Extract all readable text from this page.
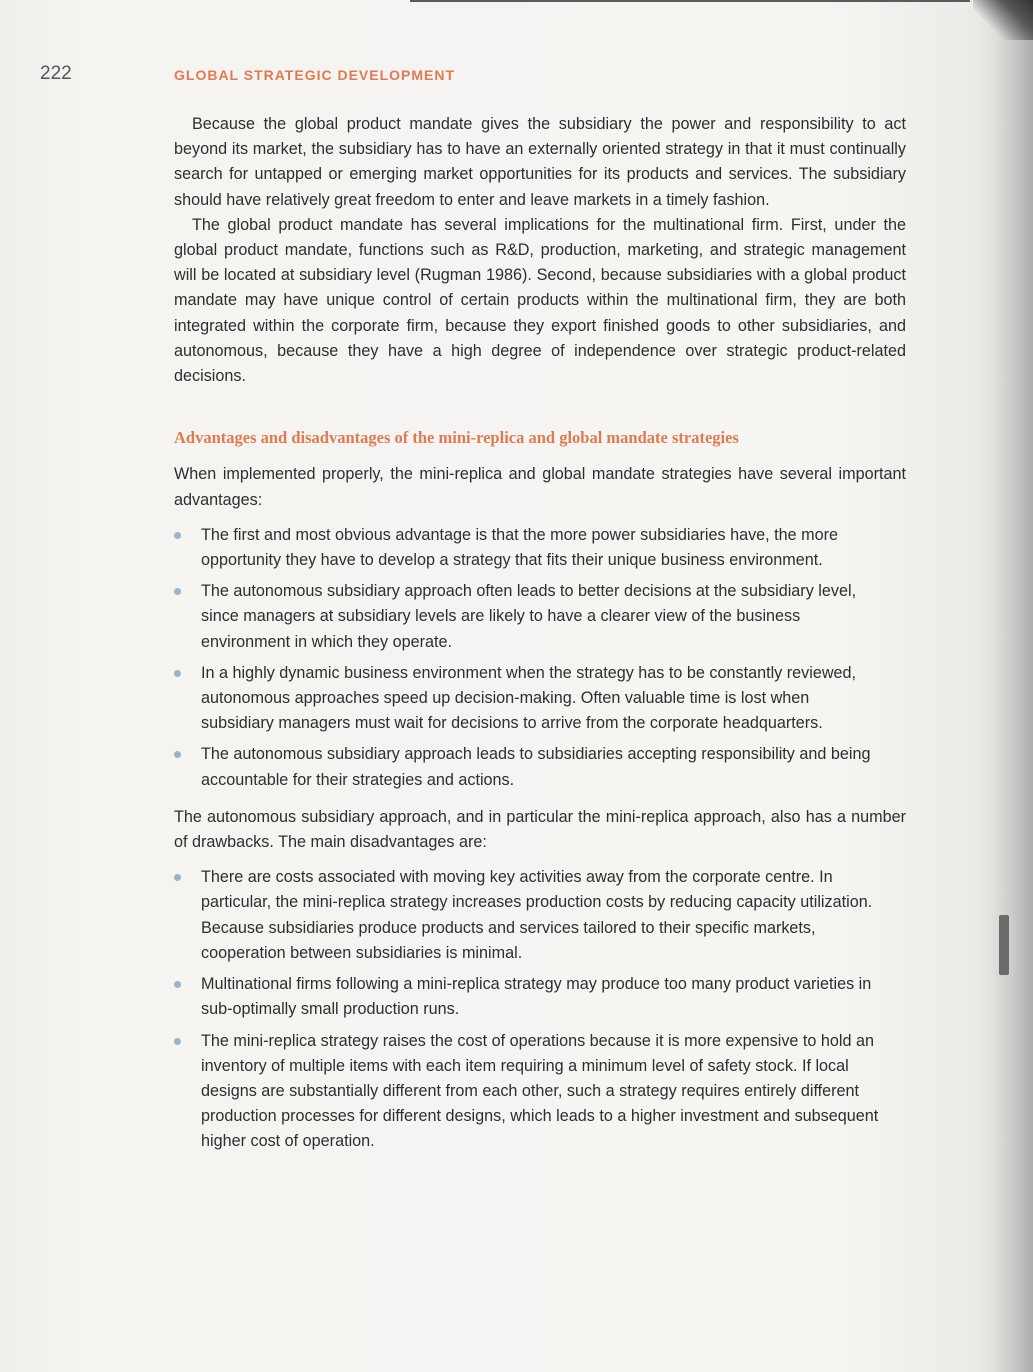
222	GLOBAL STRATEGIC DEVELOPMENT

Because the global product mandate gives the subsidiary the power and responsibility to act beyond its market, the subsidiary has to have an externally oriented strategy in that it must continually search for untapped or emerging market opportunities for its products and services. The subsidiary should have relatively great freedom to enter and leave markets in a timely fashion.

The global product mandate has several implications for the multinational firm. First, under the global product mandate, functions such as R&D, production, marketing, and strategic management will be located at subsidiary level (Rugman 1986). Second, because subsidiaries with a global product mandate may have unique control of certain products within the multinational firm, they are both integrated within the corporate firm, because they export finished goods to other subsidiaries, and autonomous, because they have a high degree of independence over strategic product-related decisions.

Advantages and disadvantages of the mini-replica and global mandate strategies

When implemented properly, the mini-replica and global mandate strategies have several important advantages:

The first and most obvious advantage is that the more power subsidiaries have, the more opportunity they have to develop a strategy that fits their unique business environment.
The autonomous subsidiary approach often leads to better decisions at the subsidiary level, since managers at subsidiary levels are likely to have a clearer view of the business environment in which they operate.
In a highly dynamic business environment when the strategy has to be constantly reviewed, autonomous approaches speed up decision-making. Often valuable time is lost when subsidiary managers must wait for decisions to arrive from the corporate headquarters.
The autonomous subsidiary approach leads to subsidiaries accepting responsibility and being accountable for their strategies and actions.

The autonomous subsidiary approach, and in particular the mini-replica approach, also has a number of drawbacks. The main disadvantages are:

There are costs associated with moving key activities away from the corporate centre. In particular, the mini-replica strategy increases production costs by reducing capacity utilization. Because subsidiaries produce products and services tailored to their specific markets, cooperation between subsidiaries is minimal.
Multinational firms following a mini-replica strategy may produce too many product varieties in sub-optimally small production runs.
The mini-replica strategy raises the cost of operations because it is more expensive to hold an inventory of multiple items with each item requiring a minimum level of safety stock. If local designs are substantially different from each other, such a strategy requires entirely different production processes for different designs, which leads to a higher investment and subsequent higher cost of operation.
